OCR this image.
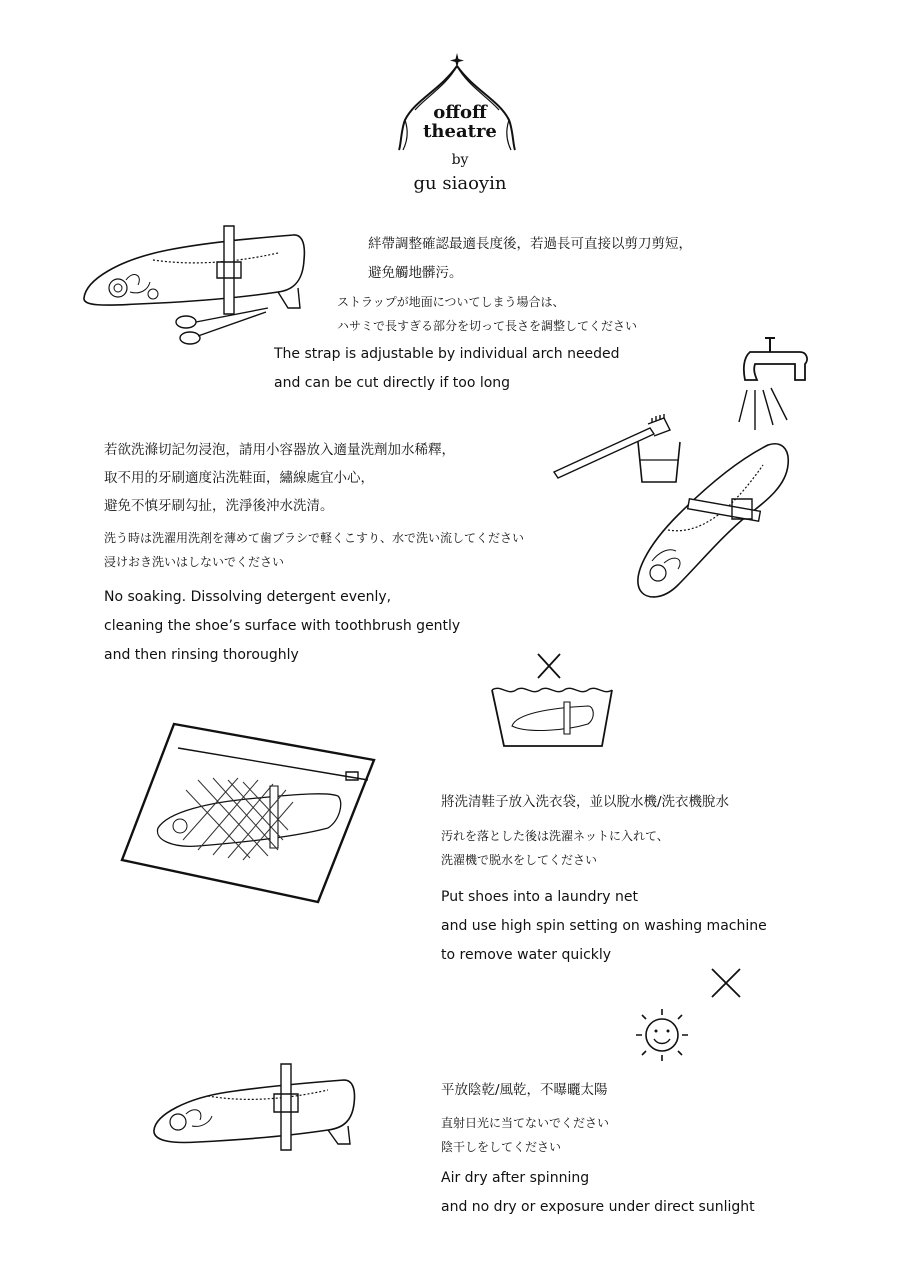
offoff
theatre
by
gu siaoyin
絆帶調整確認最適長度後，若過長可直接以剪刀剪短，
避免觸地髒污。
ストラップが地面についてしまう場合は、
ハサミで長すぎる部分を切って長さを調整してください
The strap is adjustable by individual arch needed
and can be cut directly if too long
若欲洗滌切記勿浸泡，請用小容器放入適量洗劑加水稀釋，
取不用的牙刷適度沾洗鞋面，繡線處宜小心，
避免不慎牙刷勾扯，洗淨後沖水洗清。
洗う時は洗濯用洗剤を薄めて歯ブラシで軽くこすり、水で洗い流してください
浸けおき洗いはしないでください
No soaking. Dissolving detergent evenly,
cleaning the shoe’s surface with toothbrush gently
and then rinsing thoroughly
將洗清鞋子放入洗衣袋，並以脫水機/洗衣機脫水
汚れを落とした後は洗濯ネットに入れて、
洗濯機で脱水をしてください
Put shoes into a laundry net
and use high spin setting on washing machine
to remove water quickly
平放陰乾/風乾，不曝曬太陽
直射日光に当てないでください
陰干しをしてください
Air dry after spinning
and no dry or exposure under direct sunlight
